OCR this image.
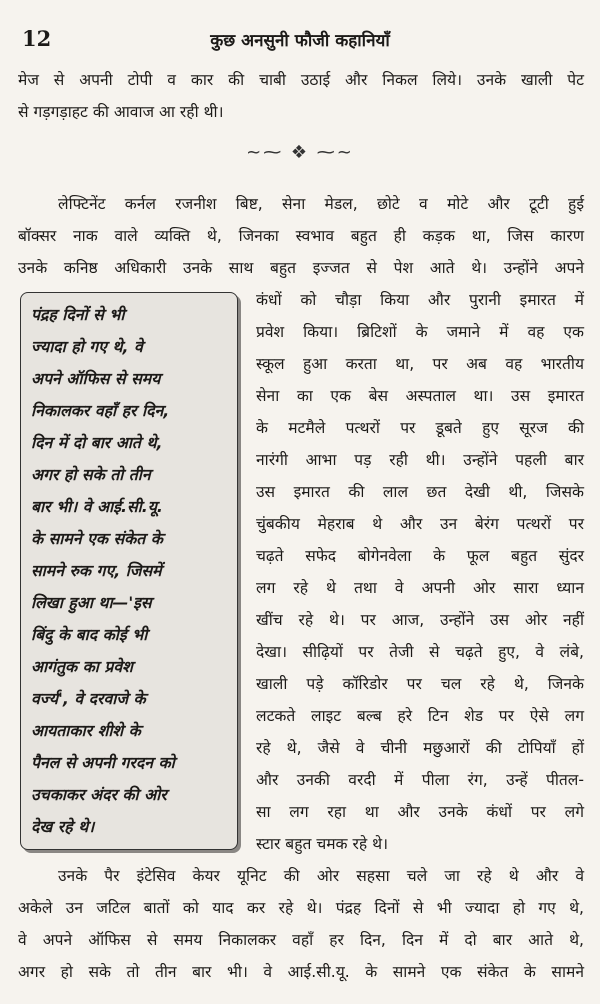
12	कुछ अनसुनी फौजी कहानियाँ
मेज से अपनी टोपी व कार की चाबी उठाई और निकल लिये। उनके खाली पेट
से गड़गड़ाहट की आवाज आ रही थी।
~⁓ ❖ ⁓~
लेफ्टिनेंट कर्नल रजनीश बिष्ट, सेना मेडल, छोटे व मोटे और टूटी हुई
बॉक्सर नाक वाले व्यक्ति थे, जिनका स्वभाव बहुत ही कड़क था, जिस कारण
उनके कनिष्ठ अधिकारी उनके साथ बहुत इज्जत से पेश आते थे। उन्होंने अपने
पंद्रह दिनों से भी
ज्यादा हो गए थे, वे
अपने ऑफिस से समय
निकालकर वहाँ हर दिन,
दिन में दो बार आते थे,
अगर हो सके तो तीन
बार भी। वे आई.सी.यू.
के सामने एक संकेत के
सामने रुक गए, जिसमें
लिखा हुआ था—'इस
बिंदु के बाद कोई भी
आगंतुक का प्रवेश
वर्ज्य', वे दरवाजे के
आयताकार शीशे के
पैनल से अपनी गरदन को
उचकाकर अंदर की ओर
देख रहे थे।
कंधों को चौड़ा किया और पुरानी इमारत में
प्रवेश किया। ब्रिटिशों के जमाने में वह एक
स्कूल हुआ करता था, पर अब वह भारतीय
सेना का एक बेस अस्पताल था। उस इमारत
के मटमैले पत्थरों पर डूबते हुए सूरज की
नारंगी आभा पड़ रही थी। उन्होंने पहली बार
उस इमारत की लाल छत देखी थी, जिसके
चुंबकीय मेहराब थे और उन बेरंग पत्थरों पर
चढ़ते सफेद बोगेनवेला के फूल बहुत सुंदर
लग रहे थे तथा वे अपनी ओर सारा ध्यान
खींच रहे थे। पर आज, उन्होंने उस ओर नहीं
देखा। सीढ़ियों पर तेजी से चढ़ते हुए, वे लंबे,
खाली पड़े कॉरिडोर पर चल रहे थे, जिनके
लटकते लाइट बल्ब हरे टिन शेड पर ऐसे लग
रहे थे, जैसे वे चीनी मछुआरों की टोपियाँ हों
और उनकी वरदी में पीला रंग, उन्हें पीतल-
सा लग रहा था और उनके कंधों पर लगे
स्टार बहुत चमक रहे थे।
उनके पैर इंटेसिव केयर यूनिट की ओर सहसा चले जा रहे थे और वे
अकेले उन जटिल बातों को याद कर रहे थे। पंद्रह दिनों से भी ज्यादा हो गए थे,
वे अपने ऑफिस से समय निकालकर वहाँ हर दिन, दिन में दो बार आते थे,
अगर हो सके तो तीन बार भी। वे आई.सी.यू. के सामने एक संकेत के सामने
